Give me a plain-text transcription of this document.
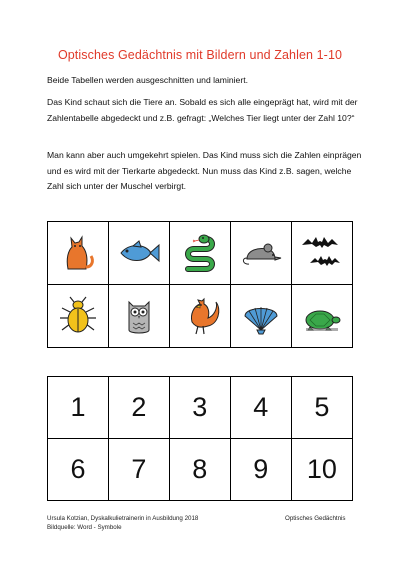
Optisches Gedächtnis mit Bildern und Zahlen 1-10
Beide Tabellen werden ausgeschnitten und laminiert.
Das Kind schaut sich die Tiere an. Sobald es sich alle eingeprägt hat, wird mit der Zahlentabelle abgedeckt und z.B. gefragt: „Welches Tier liegt unter der Zahl 10?“
Man kann aber auch umgekehrt spielen. Das Kind muss sich die Zahlen einprägen und es wird mit der Tierkarte abgedeckt. Nun muss das Kind z.B. sagen, welche Zahl sich unter der Muschel verbirgt.

1	2	3	4	5
6	7	8	9	10
Ursula Kotzian, Dyskalkulietrainerin in Ausbildung 2018
Bildquelle: Word - Symbole
Optisches Gedächtnis
